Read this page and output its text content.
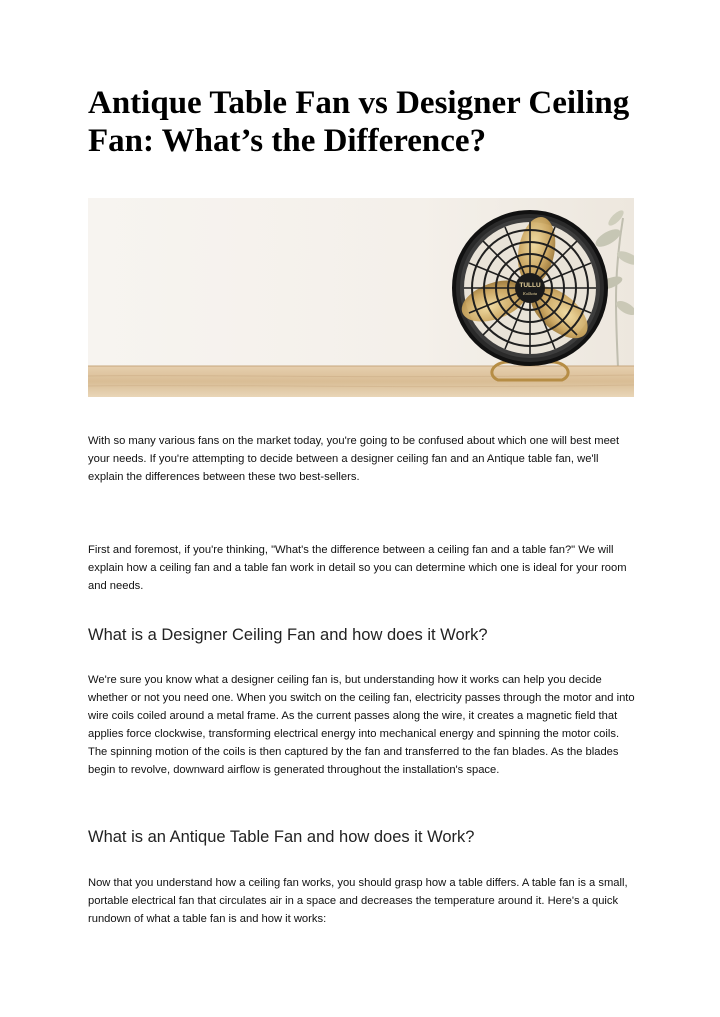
Antique Table Fan vs Designer Ceiling Fan: What’s the Difference?
TULLU
Kolkata

With so many various fans on the market today, you're going to be confused about which one will best meet your needs. If you're attempting to decide between a designer ceiling fan and an Antique table fan, we'll explain the differences between these two best-sellers.

First and foremost, if you're thinking, "What's the difference between a ceiling fan and a table fan?" We will explain how a ceiling fan and a table fan work in detail so you can determine which one is ideal for your room and needs.

What is a Designer Ceiling Fan and how does it Work?

We're sure you know what a designer ceiling fan is, but understanding how it works can help you decide whether or not you need one. When you switch on the ceiling fan, electricity passes through the motor and into wire coils coiled around a metal frame. As the current passes along the wire, it creates a magnetic field that applies force clockwise, transforming electrical energy into mechanical energy and spinning the motor coils. The spinning motion of the coils is then captured by the fan and transferred to the fan blades. As the blades begin to revolve, downward airflow is generated throughout the installation's space.

What is an Antique Table Fan and how does it Work?

Now that you understand how a ceiling fan works, you should grasp how a table differs. A table fan is a small, portable electrical fan that circulates air in a space and decreases the temperature around it. Here's a quick rundown of what a table fan is and how it works:
